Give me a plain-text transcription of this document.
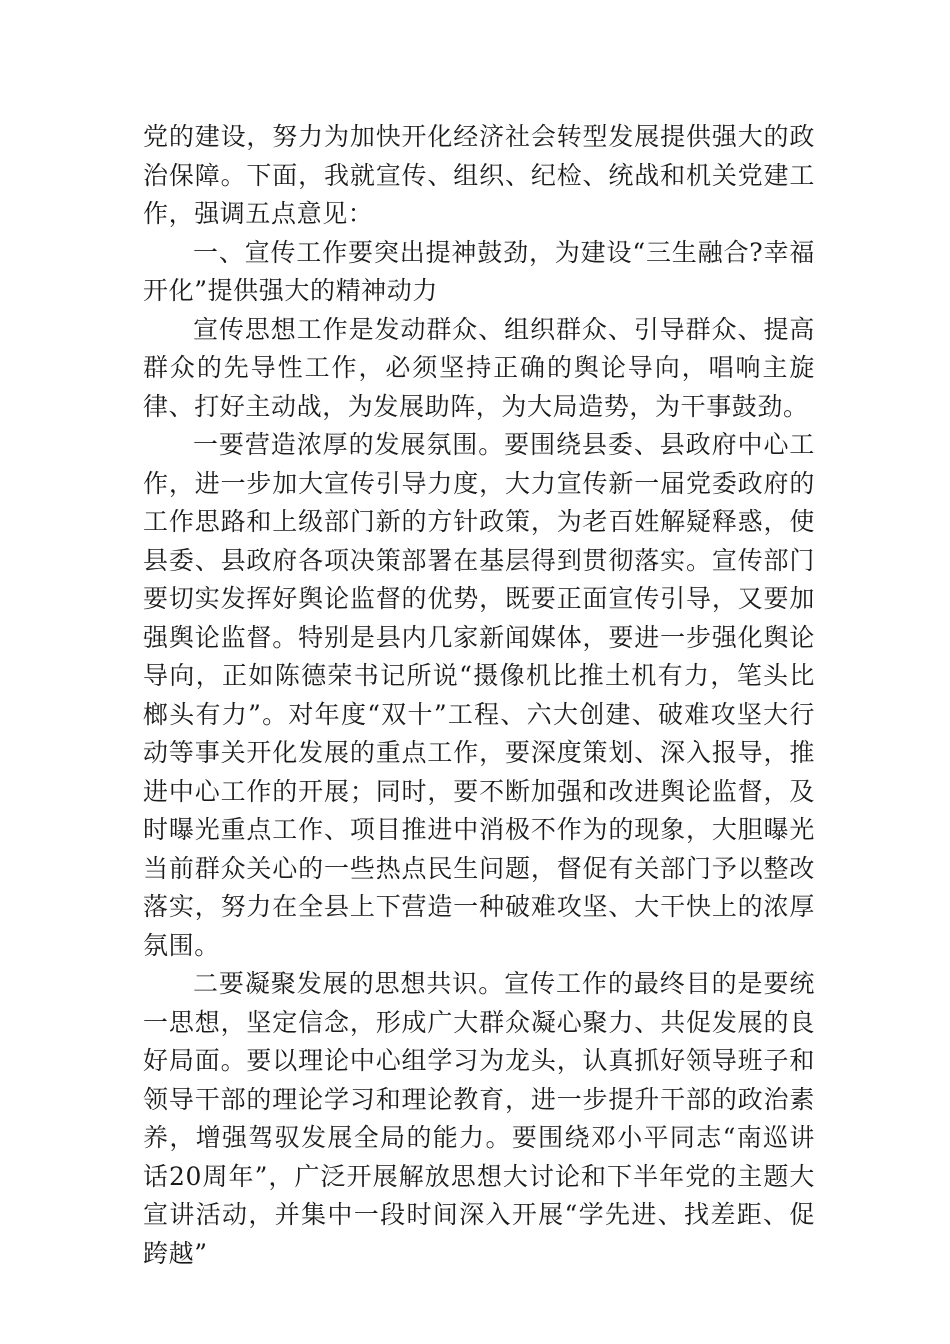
党的建设，努力为加快开化经济社会转型发展提供强大的政治保障。下面，我就宣传、组织、纪检、统战和机关党建工作，强调五点意见：

一、宣传工作要突出提神鼓劲，为建设“三生融合?幸福开化”提供强大的精神动力

宣传思想工作是发动群众、组织群众、引导群众、提高群众的先导性工作，必须坚持正确的舆论导向，唱响主旋律、打好主动战，为发展助阵，为大局造势，为干事鼓劲。

一要营造浓厚的发展氛围。要围绕县委、县政府中心工作，进一步加大宣传引导力度，大力宣传新一届党委政府的工作思路和上级部门新的方针政策，为老百姓解疑释惑，使县委、县政府各项决策部署在基层得到贯彻落实。宣传部门要切实发挥好舆论监督的优势，既要正面宣传引导，又要加强舆论监督。特别是县内几家新闻媒体，要进一步强化舆论导向，正如陈德荣书记所说“摄像机比推土机有力，笔头比榔头有力”。对年度“双十”工程、六大创建、破难攻坚大行动等事关开化发展的重点工作，要深度策划、深入报导，推进中心工作的开展；同时，要不断加强和改进舆论监督，及时曝光重点工作、项目推进中消极不作为的现象，大胆曝光当前群众关心的一些热点民生问题，督促有关部门予以整改落实，努力在全县上下营造一种破难攻坚、大干快上的浓厚氛围。

二要凝聚发展的思想共识。宣传工作的最终目的是要统一思想，坚定信念，形成广大群众凝心聚力、共促发展的良好局面。要以理论中心组学习为龙头，认真抓好领导班子和领导干部的理论学习和理论教育，进一步提升干部的政治素养，增强驾驭发展全局的能力。要围绕邓小平同志“南巡讲话20周年”，广泛开展解放思想大讨论和下半年党的主题大宣讲活动，并集中一段时间深入开展“学先进、找差距、促跨越”
